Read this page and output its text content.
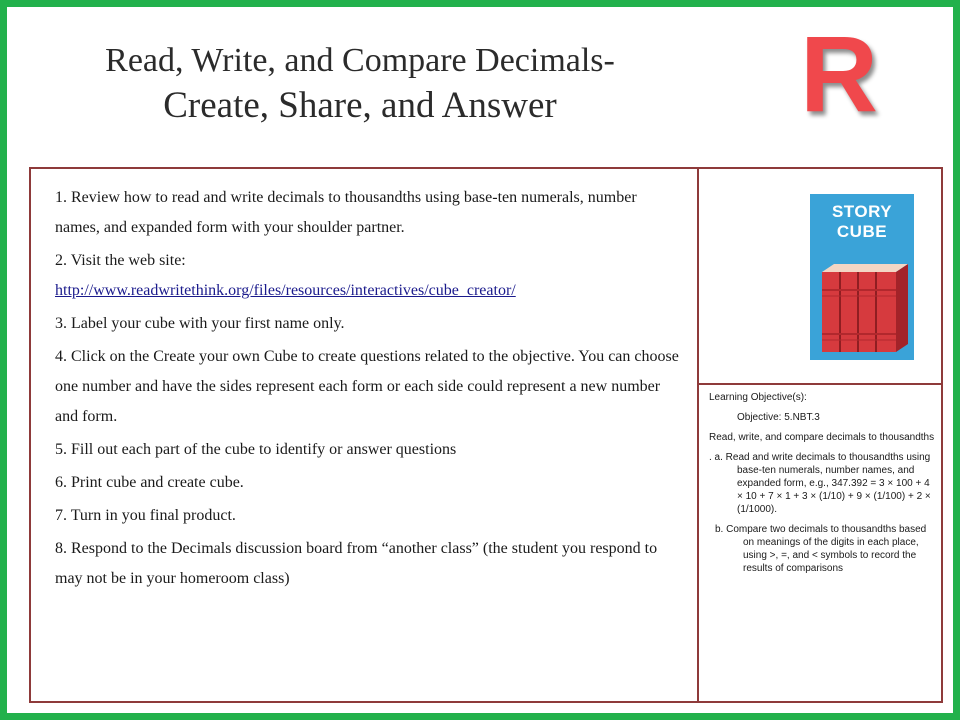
Read, Write, and Compare Decimals-
Create, Share, and Answer	R

1. Review how to read and write decimals to thousandths using base-ten numerals, number names, and expanded form with your shoulder partner.

2. Visit the web site:
http://www.readwritethink.org/files/resources/interactives/cube_creator/

3. Label your cube with your first name only.

4. Click on the Create your own Cube to create questions related to the objective. You can choose one number and have the sides represent each form or each side could represent a new number and form.

5. Fill out each part of the cube to identify or answer questions

6. Print cube and create cube.

7. Turn in you final product.

8. Respond to the Decimals discussion board from “another class” (the student you respond to may not be in your homeroom class)

STORY
CUBE

Learning Objective(s):

Objective: 5.NBT.3

Read, write, and compare decimals to thousandths

. a. Read and write decimals to thousandths using base-ten numerals, number names, and expanded form, e.g., 347.392 = 3 × 100 + 4 × 10 + 7 × 1 + 3 × (1/10) + 9 × (1/100) + 2 × (1/1000).

b. Compare two decimals to thousandths based on meanings of the digits in each place, using >, =, and < symbols to record the results of comparisons
